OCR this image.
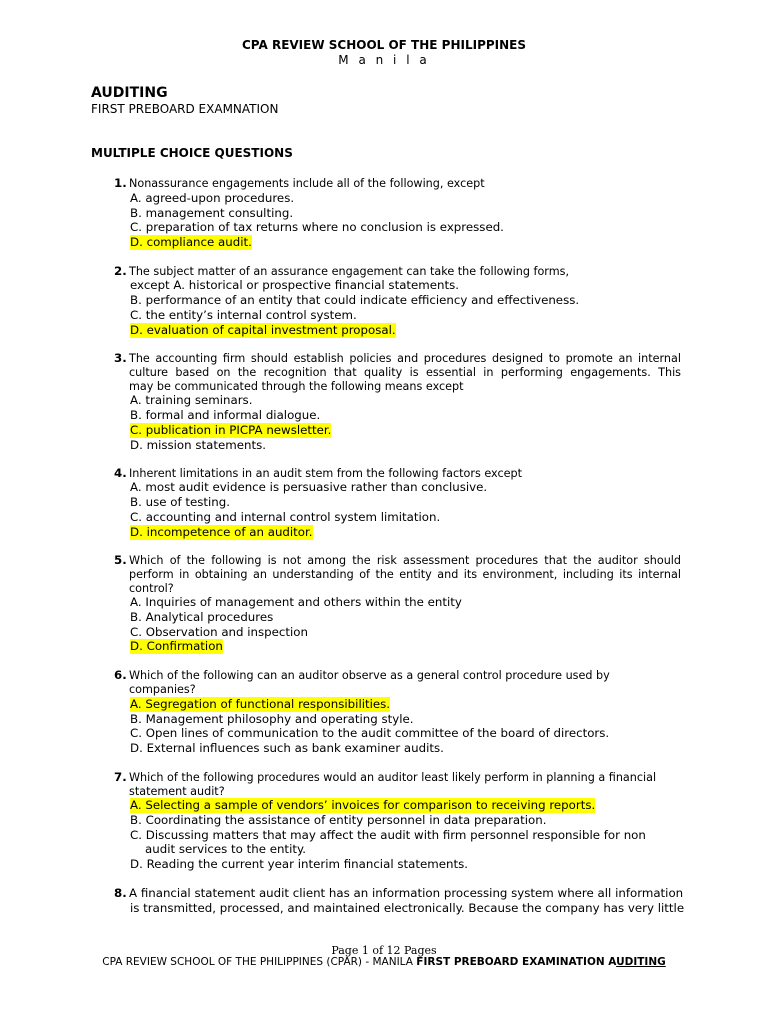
CPA REVIEW SCHOOL OF THE PHILIPPINES
M a n i l a
AUDITING
FIRST PREBOARD EXAMNATION
MULTIPLE CHOICE QUESTIONS
1. Nonassurance engagements include all of the following, except
A. agreed-upon procedures.
B. management consulting.
C. preparation of tax returns where no conclusion is expressed.
D. compliance audit.
2. The subject matter of an assurance engagement can take the following forms,
except A. historical or prospective financial statements.
B. performance of an entity that could indicate efficiency and effectiveness.
C. the entity’s internal control system.
D. evaluation of capital investment proposal.
3. The accounting firm should establish policies and procedures designed to promote an internal
culture based on the recognition that quality is essential in performing engagements. This
may be communicated through the following means except
A. training seminars.
B. formal and informal dialogue.
C. publication in PICPA newsletter.
D. mission statements.
4. Inherent limitations in an audit stem from the following factors except
A. most audit evidence is persuasive rather than conclusive.
B. use of testing.
C. accounting and internal control system limitation.
D. incompetence of an auditor.
5. Which of the following is not among the risk assessment procedures that the auditor should
perform in obtaining an understanding of the entity and its environment, including its internal
control?
A. Inquiries of management and others within the entity
B. Analytical procedures
C. Observation and inspection
D. Confirmation
6. Which of the following can an auditor observe as a general control procedure used by
companies?
A. Segregation of functional responsibilities.
B. Management philosophy and operating style.
C. Open lines of communication to the audit committee of the board of directors.
D. External influences such as bank examiner audits.
7. Which of the following procedures would an auditor least likely perform in planning a financial
statement audit?
A. Selecting a sample of vendors’ invoices for comparison to receiving reports.
B. Coordinating the assistance of entity personnel in data preparation.
C. Discussing matters that may affect the audit with firm personnel responsible for non
audit services to the entity.
D. Reading the current year interim financial statements.
8. A financial statement audit client has an information processing system where all information
is transmitted, processed, and maintained electronically. Because the company has very little
Page 1 of 12 Pages
CPA REVIEW SCHOOL OF THE PHILIPPINES (CPAR) - MANILA FIRST PREBOARD EXAMINATION AUDITING
